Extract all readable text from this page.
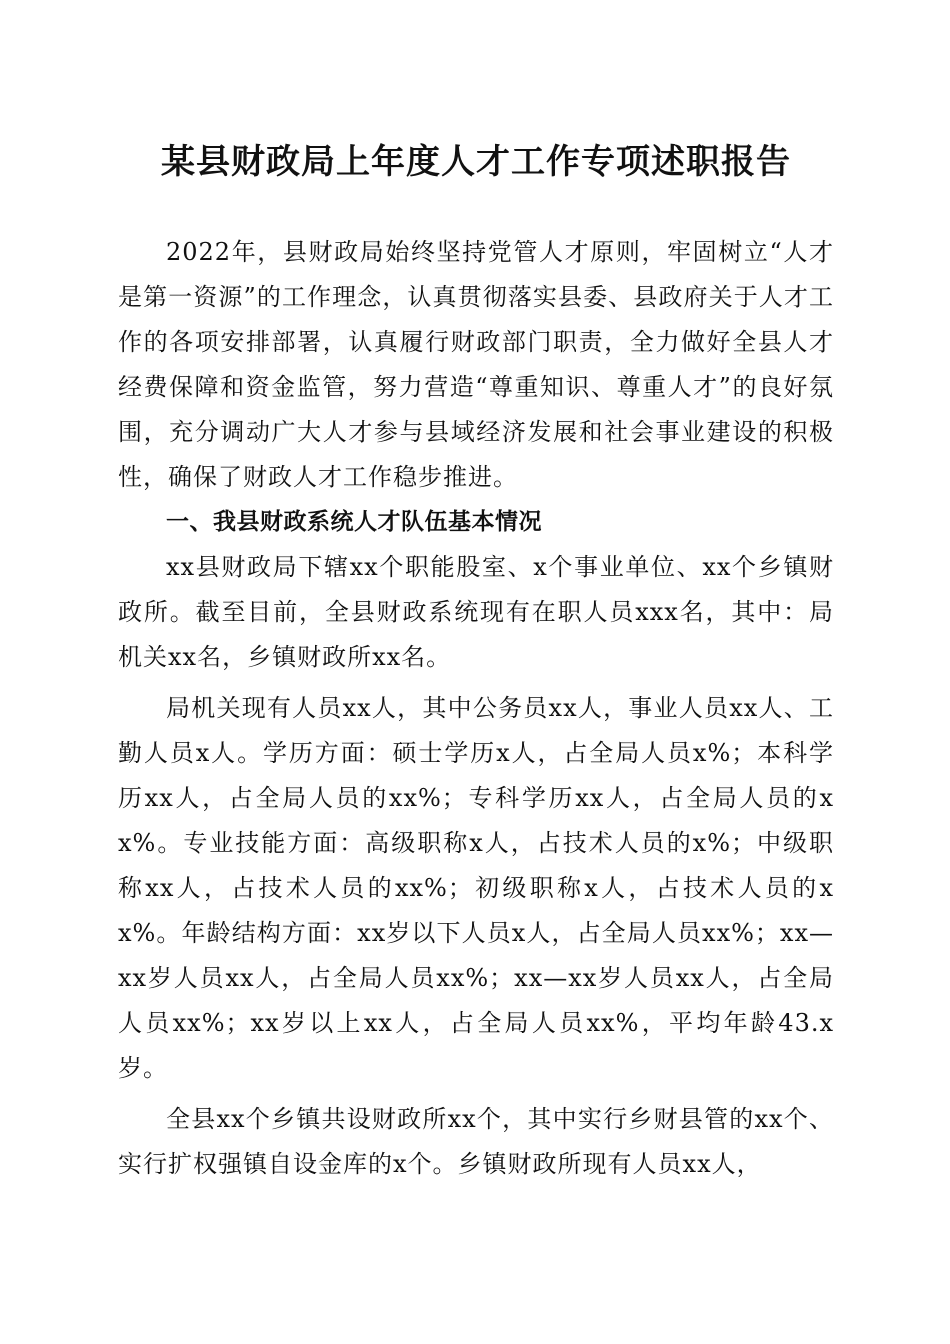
某县财政局上年度人才工作专项述职报告

2022年，县财政局始终坚持党管人才原则，牢固树立“人才是第一资源”的工作理念，认真贯彻落实县委、县政府关于人才工作的各项安排部署，认真履行财政部门职责，全力做好全县人才经费保障和资金监管，努力营造“尊重知识、尊重人才”的良好氛围，充分调动广大人才参与县域经济发展和社会事业建设的积极性，确保了财政人才工作稳步推进。

一、我县财政系统人才队伍基本情况

xx县财政局下辖xx个职能股室、x个事业单位、xx个乡镇财政所。截至目前，全县财政系统现有在职人员xxx名，其中：局机关xx名，乡镇财政所xx名。

局机关现有人员xx人，其中公务员xx人，事业人员xx人、工勤人员x人。学历方面：硕士学历x人，占全局人员x%；本科学历xx人，占全局人员的xx%；专科学历xx人，占全局人员的xx%。专业技能方面：高级职称x人，占技术人员的x%；中级职称xx人，占技术人员的xx%；初级职称x人，占技术人员的xx%。年龄结构方面：xx岁以下人员x人，占全局人员xx%；xx—xx岁人员xx人，占全局人员xx%；xx—xx岁人员xx人，占全局人员xx%；xx岁以上xx人，占全局人员xx%，平均年龄43.x岁。

全县xx个乡镇共设财政所xx个，其中实行乡财县管的xx个、实行扩权强镇自设金库的x个。乡镇财政所现有人员xx人，
